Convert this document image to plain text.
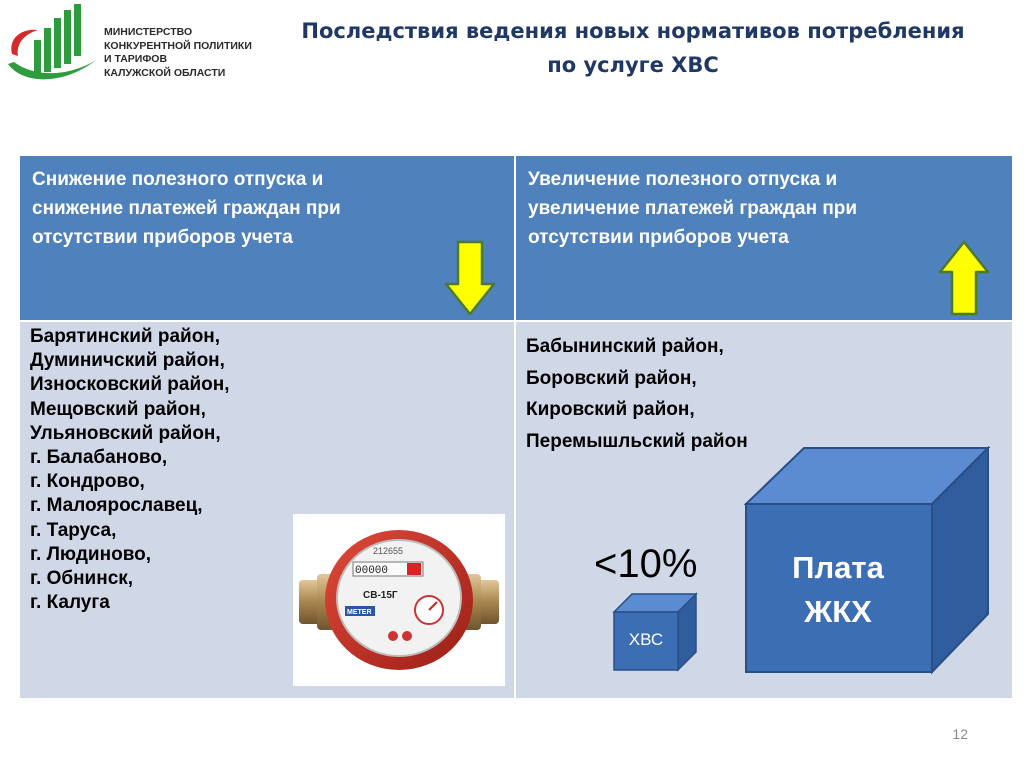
МИНИСТЕРСТВО
КОНКУРЕНТНОЙ ПОЛИТИКИ
И ТАРИФОВ
КАЛУЖСКОЙ ОБЛАСТИ
Последствия ведения новых нормативов потребления
по услуге ХВС
Снижение полезного отпуска и
снижение платежей граждан при
отсутствии приборов учета
Увеличение полезного отпуска и
увеличение платежей граждан при
отсутствии приборов учета
Барятинский район,
Думиничский район,
Износковский район,
Мещовский район,
Ульяновский район,
г. Балабаново,
г. Кондрово,
г. Малоярославец,
г. Таруса,
г. Людиново,
г. Обнинск,
г. Калуга
Бабынинский район,
Боровский район,
Кировский район,
Перемышльский район
212655
00000
СВ-15Г
METER
ХВС
<10%	Плата
ЖКХ
12
